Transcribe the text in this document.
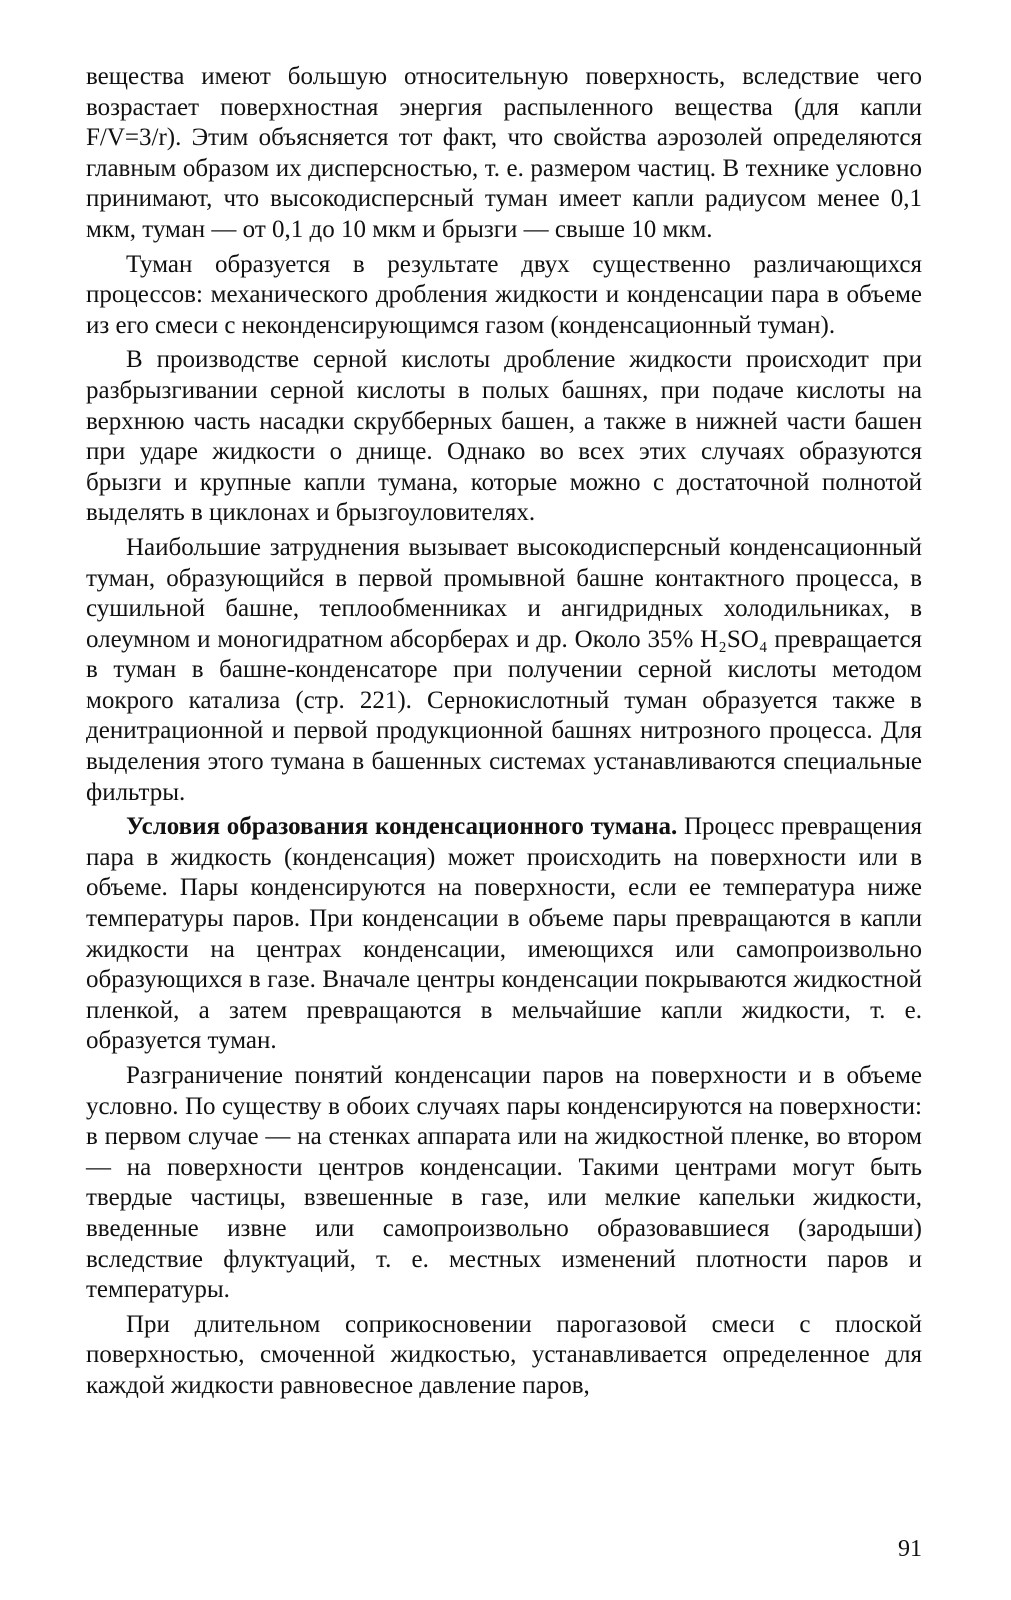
вещества имеют большую относительную поверхность, вследствие чего возрастает поверхностная энергия распыленного вещества (для капли F/V=3/r). Этим объясняется тот факт, что свойства аэрозолей определяются главным образом их дисперсностью, т. е. размером частиц. В технике условно принимают, что высокодисперсный туман имеет капли радиусом менее 0,1 мкм, туман — от 0,1 до 10 мкм и брызги — свыше 10 мкм.

Туман образуется в результате двух существенно различающихся процессов: механического дробления жидкости и конденсации пара в объеме из его смеси с неконденсирующимся газом (конденсационный туман).

В производстве серной кислоты дробление жидкости происходит при разбрызгивании серной кислоты в полых башнях, при подаче кислоты на верхнюю часть насадки скрубберных башен, а также в нижней части башен при ударе жидкости о днище. Однако во всех этих случаях образуются брызги и крупные капли тумана, которые можно с достаточной полнотой выделять в циклонах и брызгоуловителях.

Наибольшие затруднения вызывает высокодисперсный конденсационный туман, образующийся в первой промывной башне контактного процесса, в сушильной башне, теплообменниках и ангидридных холодильниках, в олеумном и моногидратном абсорберах и др. Около 35% H₂SO₄ превращается в туман в башне-конденсаторе при получении серной кислоты методом мокрого катализа (стр. 221). Сернокислотный туман образуется также в денитрационной и первой продукционной башнях нитрозного процесса. Для выделения этого тумана в башенных системах устанавливаются специальные фильтры.

Условия образования конденсационного тумана. Процесс превращения пара в жидкость (конденсация) может происходить на поверхности или в объеме. Пары конденсируются на поверхности, если ее температура ниже температуры паров. При конденсации в объеме пары превращаются в капли жидкости на центрах конденсации, имеющихся или самопроизвольно образующихся в газе. Вначале центры конденсации покрываются жидкостной пленкой, а затем превращаются в мельчайшие капли жидкости, т. е. образуется туман.

Разграничение понятий конденсации паров на поверхности и в объеме условно. По существу в обоих случаях пары конденсируются на поверхности: в первом случае — на стенках аппарата или на жидкостной пленке, во втором — на поверхности центров конденсации. Такими центрами могут быть твердые частицы, взвешенные в газе, или мелкие капельки жидкости, введенные извне или самопроизвольно образовавшиеся (зародыши) вследствие флуктуаций, т. е. местных изменений плотности паров и температуры.

При длительном соприкосновении парогазовой смеси с плоской поверхностью, смоченной жидкостью, устанавливается определенное для каждой жидкости равновесное давление паров,

91
